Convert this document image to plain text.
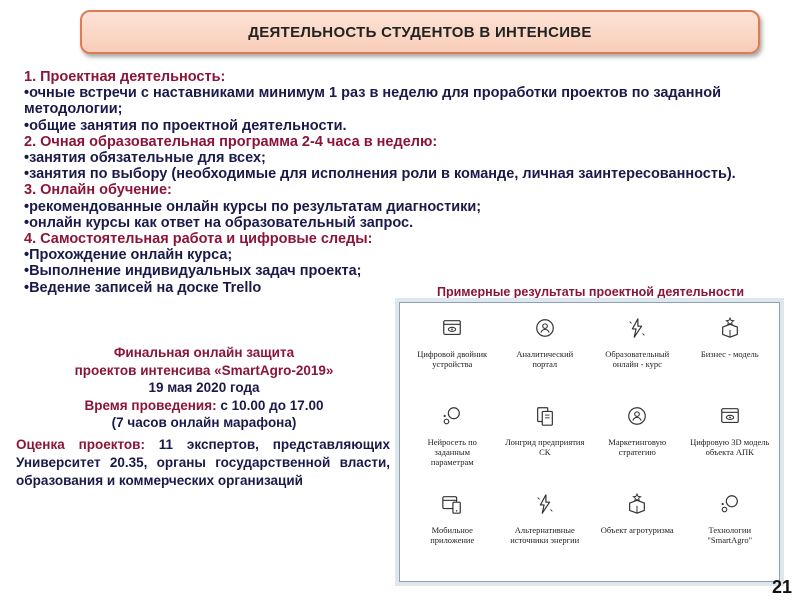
ДЕЯТЕЛЬНОСТЬ СТУДЕНТОВ В ИНТЕНСИВЕ
1. Проектная деятельность:
•очные встречи с наставниками минимум 1 раз в неделю для проработки проектов по заданной методологии;
•общие занятия по проектной деятельности.
2. Очная образовательная программа 2-4 часа в неделю:
•занятия обязательные для всех;
•занятия по выбору (необходимые для исполнения роли в команде, личная заинтересованность).
3. Онлайн обучение:
•рекомендованные онлайн курсы по результатам диагностики;
•онлайн курсы как ответ на образовательный запрос.
4. Самостоятельная работа и цифровые следы:
•Прохождение онлайн курса;
•Выполнение индивидуальных задач проекта;
•Ведение записей на доске Trello	Примерные результаты проектной деятельности
Цифровой двойник устройства
Аналитический портал
Образовательный онлайн - курс
Бизнес - модель
Нейросеть по заданным параметрам
Лонгрид предприятия СК
Маркетинговую стратегию
Цифровую 3D модель объекта АПК
Мобильное приложение
Альтернативные источники энергии
Объект агротуризма	Технологии "SmartAgro"
Финальная онлайн защита
проектов интенсива «SmartAgro-2019»
19 мая 2020 года
Время проведения: с 10.00 до 17.00
(7 часов онлайн марафона)
Оценка проектов: 11 экспертов, представляющих Университет 20.35, органы государственной власти, образования и коммерческих организаций
21
